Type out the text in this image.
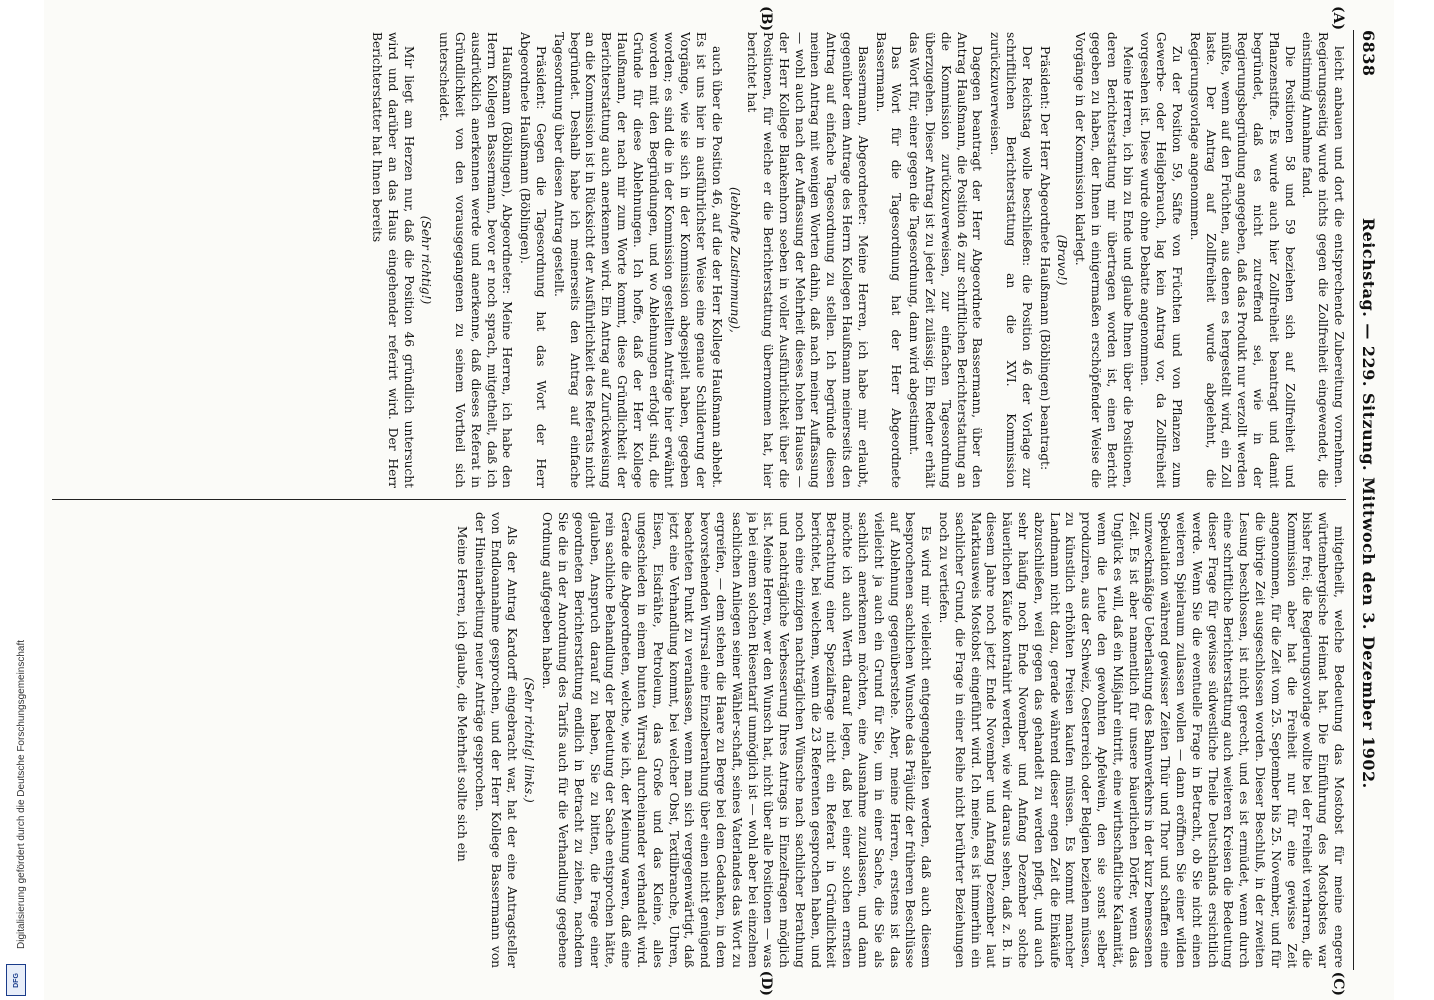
6838
Reichstag. — 229. Sitzung. Mittwoch den 3. Dezember 1902.
(A)
(B)
(C)
(D)

leicht anbauen und dort die entsprechende Zubereitung vornehmen. Regierungsseitig wurde nichts gegen die Zollfreiheit eingewendet, die einstimmig Annahme fand.

Die Positionen 58 und 59 beziehen sich auf Zollfreiheit und Pflanzenstifte. Es wurde auch hier Zollfreiheit beantragt und damit begründet, daß es nicht zutreffend sei, wie in der Regierungsbegründung angegeben, daß das Produkt nur verzollt werden müßte, wenn auf den Früchten, aus denen es hergestellt wird, ein Zoll laste. Der Antrag auf Zollfreiheit wurde abgelehnt, die Regierungsvorlage angenommen.

Zu der Position 59, Säfte von Früchten und von Pflanzen zum Gewerbe- oder Heilgebrauch, lag kein Antrag vor, da Zollfreiheit vorgesehen ist. Diese wurde ohne Debatte angenommen.

Meine Herren, ich bin zu Ende und glaube Ihnen über die Positionen, deren Berichterstattung mir übertragen worden ist, einen Bericht gegeben zu haben, der Ihnen in einigermaßen erschöpfender Weise die Vorgänge in der Kommission klarlegt.

(Bravo!)

Präsident: Der Herr Abgeordnete Haußmann (Böblingen) beantragt:

Der Reichstag wolle beschließen: die Position 46 der Vorlage zur schriftlichen Berichterstattung an die XVI. Kommission zurückzuverweisen.

Dagegen beantragt der Herr Abgeordnete Bassermann, über den Antrag Haußmann, die Position 46 zur schriftlichen Berichterstattung an die Kommission zurückzuverweisen, zur einfachen Tagesordnung überzugehen. Dieser Antrag ist zu jeder Zeit zulässig. Ein Redner erhält das Wort für, einer gegen die Tagesordnung, dann wird abgestimmt.

Das Wort für die Tagesordnung hat der Herr Abgeordnete Bassermann.

Bassermann, Abgeordneter: Meine Herren, ich habe mir erlaubt, gegenüber dem Antrage des Herrn Kollegen Haußmann meinerseits den Antrag auf einfache Tagesordnung zu stellen. Ich begründe diesen meinen Antrag mit wenigen Worten dahin, daß nach meiner Auffassung — wohl auch nach der Auffassung der Mehrheit dieses hohen Hauses — der Herr Kollege Blankenhorn soeben in voller Ausführlichkeit über die Positionen, für welche er die Berichterstattung übernommen hat, hier berichtet hat

(lebhafte Zustimmung),

auch über die Position 46, auf die der Herr Kollege Haußmann abhebt. Es ist uns hier in ausführlichster Weise eine genaue Schilderung der Vorgänge, wie sie sich in der Kommission abgespielt haben, gegeben worden; es sind die in der Kommission gestellten Anträge hier erwähnt worden mit den Begründungen, und wo Ablehnungen erfolgt sind, die Gründe für diese Ablehnungen. Ich hoffe, daß der Herr Kollege Haußmann, der nach mir zum Worte kommt, diese Gründlichkeit der Berichterstattung auch anerkennen wird. Ein Antrag auf Zurückweisung an die Kommission ist in Rücksicht der Ausführlichkeit des Referats nicht begründet. Deshalb habe ich meinerseits den Antrag auf einfache Tagesordnung über diesen Antrag gestellt.

Präsident: Gegen die Tagesordnung hat das Wort der Herr Abgeordnete Haußmann (Böblingen).

Haußmann (Böblingen), Abgeordneter: Meine Herren, ich habe den Herrn Kollegen Bassermann, bevor er noch sprach, mitgetheilt, daß ich ausdrücklich anerkennen werde und anerkenne, daß dieses Referat in Gründlichkeit von den vorausgegangenen zu seinem Vortheil sich unterscheidet.

(Sehr richtig!)

Mir liegt am Herzen nur, daß die Position 46 gründlich untersucht wird und darüber an das Haus eingehender referirt wird. Der Herr Berichterstatter hat Ihnen bereits

mitgetheilt, welche Bedeutung das Mostobst für meine engere württembergische Heimat hat. Die Einführung des Mostobstes war bisher frei; die Regierungsvorlage wollte bei der Freiheit verharren, die Kommission aber hat die Freiheit nur für eine gewisse Zeit angenommen, für die Zeit vom 25. September bis 25. November, und für die übrige Zeit ausgeschlossen worden. Dieser Beschluß, in der zweiten Lesung beschlossen, ist nicht gerecht, und es ist ermüdet, wenn durch eine schriftliche Berichterstattung auch weiteren Kreisen die Bedeutung dieser Frage für gewisse südwestliche Theile Deutschlands ersichtlich werde. Wenn Sie die eventuelle Frage in Betracht, ob Sie nicht einen weiteren Spielraum zulassen wollen — dann eröffnen Sie einer wilden Spekulation während gewisser Zeiten Thür und Thor und schaffen eine unzweckmäßige Ueberlastung des Bahnverkehrs in der kurz bemessenen Zeit. Es ist aber namentlich für unsere bäuerlichen Dörfer, wenn das Unglück es will, daß ein Mißjahr eintritt, eine wirthschaftliche Kalamität, wenn die Leute den gewohnten Apfelwein, den sie sonst selber produziren, aus der Schweiz, Oesterreich oder Belgien beziehen müssen, zu künstlich erhöhten Preisen kaufen müssen. Es kommt mancher Landmann nicht dazu, gerade während dieser engen Zeit die Einkäufe abzuschließen, weil gegen das gehandelt zu werden pflegt, und auch sehr häufig noch Ende November und Anfang Dezember solche bäuerlichen Käufe kontrahirt werden, wie wir daraus sehen, daß z. B. in diesem Jahre noch jetzt Ende November und Anfang Dezember laut Marktausweis Mostobst eingeführt wird. Ich meine, es ist immerhin ein sachlicher Grund, die Frage in einer Reihe nicht berührter Beziehungen noch zu vertiefen.

Es wird mir vielleicht entgegengehalten werden, daß auch diesem besprochenen sachlichen Wunsche das Präjudiz der früheren Beschlüsse auf Ablehnung gegenüberstehe. Aber, meine Herren, erstens ist das vielleicht ja auch ein Grund für Sie, um in einer Sache, die Sie als sachlich anerkennen möchten, eine Ausnahme zuzulassen, und dann möchte ich auch Werth darauf legen, daß bei einer solchen ernsten Betrachtung einer Spezialfrage nicht ein Referat in Gründlichkeit berichtet, bei welchem, wenn die 23 Referenten gesprochen haben, und noch eine einzigen nachträglichen Wünsche nach sachlicher Berathung und nachträgliche Verbesserung Ihres Antrags in Einzelfragen möglich ist. Meine Herren, wer den Wunsch hat, nicht über alle Positionen — was ja bei einem solchen Riesentarif unmöglich ist — wohl aber bei einzelnen sachlichen Anliegen seiner Wähler-schaft, seines Vaterlandes das Wort zu ergreifen, — dem stehen die Haare zu Berge bei dem Gedanken, in dem bevorstehenden Wirrsal eine Einzelberathung über einen nicht genügend beachteten Punkt zu veranlassen, wenn man sich vergegenwärtigt, daß jetzt eine Verhandlung kommt, bei welcher Obst, Textilbranche, Uhren, Eisen, Eisdrähte, Petroleum, das Große und das Kleine, alles ungeschieden in einem bunten Wirrsal durcheinander verhandelt wird. Gerade die Abgeordneten, welche, wie ich, der Meinung waren, daß eine rein sachliche Behandlung der Bedeutung der Sache entsprochen hätte, glauben, Anspruch darauf zu haben, Sie zu bitten, die Frage einer geordneten Berichterstattung endlich in Betracht zu ziehen, nachdem Sie die in der Anordnung des Tarifs auch für die Verhandlung gegebene Ordnung aufgegeben haben.

(Sehr richtig! links.)

Als der Antrag Kardorff eingebracht war, hat der eine Antragsteller von Endloannahme gesprochen, und der Herr Kollege Bassermann von der Hineinarbeitung neuer Anträge gesprochen.

Meine Herren, ich glaube, die Mehrheit sollte sich ein

Digitalisierung gefördert durch die Deutsche Forschungsgemeinschaft
DFG
